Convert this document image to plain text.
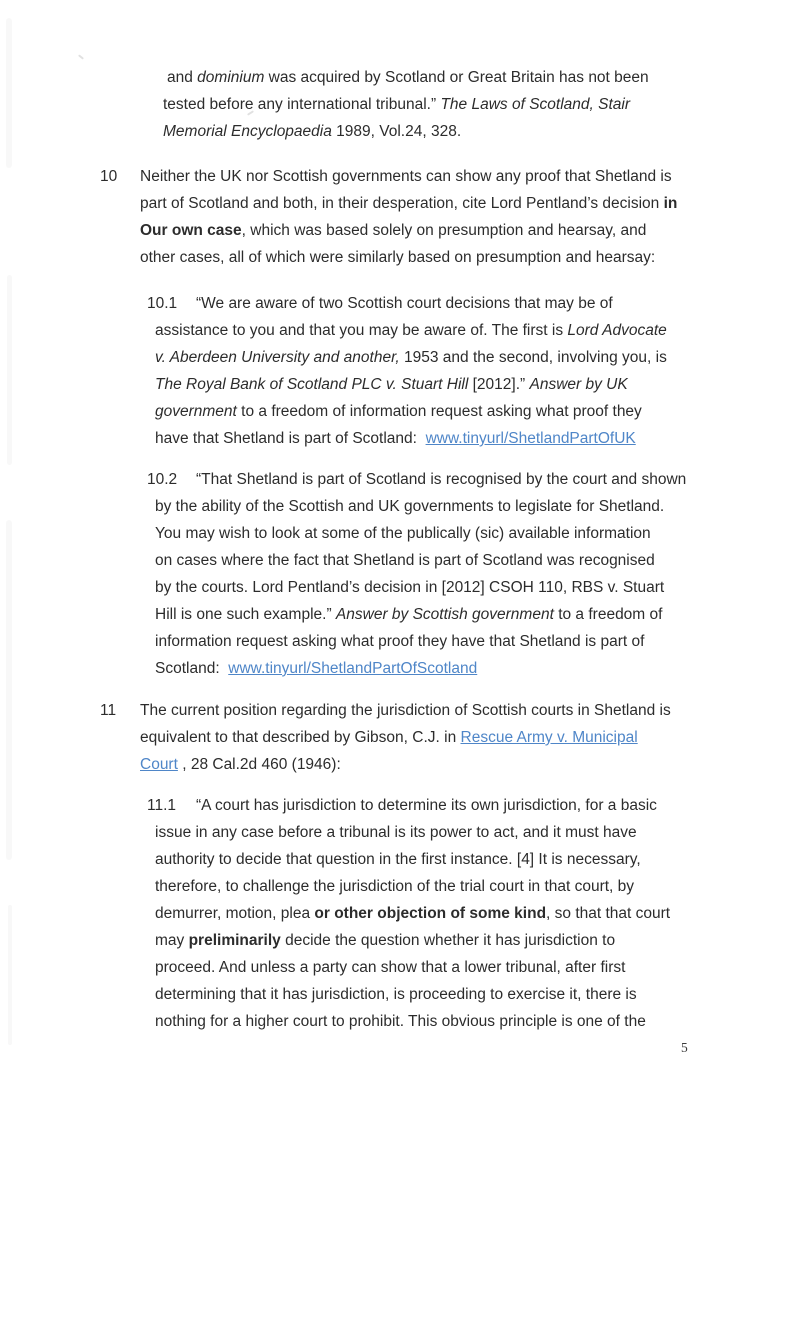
and dominium was acquired by Scotland or Great Britain has not been
tested before any international tribunal.” The Laws of Scotland, Stair
Memorial Encyclopaedia 1989, Vol.24, 328.
10 Neither the UK nor Scottish governments can show any proof that Shetland is
part of Scotland and both, in their desperation, cite Lord Pentland’s decision in
Our own case, which was based solely on presumption and hearsay, and
other cases, all of which were similarly based on presumption and hearsay:
10.1	“We are aware of two Scottish court decisions that may be of
assistance to you and that you may be aware of. The first is Lord Advocate
v. Aberdeen University and another, 1953 and the second, involving you, is
The Royal Bank of Scotland PLC v. Stuart Hill [2012].” Answer by UK
government to a freedom of information request asking what proof they
have that Shetland is part of Scotland:  www.tinyurl/ShetlandPartOfUK
10.2	“That Shetland is part of Scotland is recognised by the court and shown
by the ability of the Scottish and UK governments to legislate for Shetland.
You may wish to look at some of the publically (sic) available information
on cases where the fact that Shetland is part of Scotland was recognised
by the courts. Lord Pentland’s decision in [2012] CSOH 110, RBS v. Stuart
Hill is one such example.” Answer by Scottish government to a freedom of
information request asking what proof they have that Shetland is part of
Scotland:  www.tinyurl/ShetlandPartOfScotland
11 The current position regarding the jurisdiction of Scottish courts in Shetland is
equivalent to that described by Gibson, C.J. in Rescue Army v. Municipal
Court , 28 Cal.2d 460 (1946):
11.1	“A court has jurisdiction to determine its own jurisdiction, for a basic
issue in any case before a tribunal is its power to act, and it must have
authority to decide that question in the first instance. [4] It is necessary,
therefore, to challenge the jurisdiction of the trial court in that court, by
demurrer, motion, plea or other objection of some kind, so that that court
may preliminarily decide the question whether it has jurisdiction to
proceed. And unless a party can show that a lower tribunal, after first
determining that it has jurisdiction, is proceeding to exercise it, there is
nothing for a higher court to prohibit. This obvious principle is one of the
5
